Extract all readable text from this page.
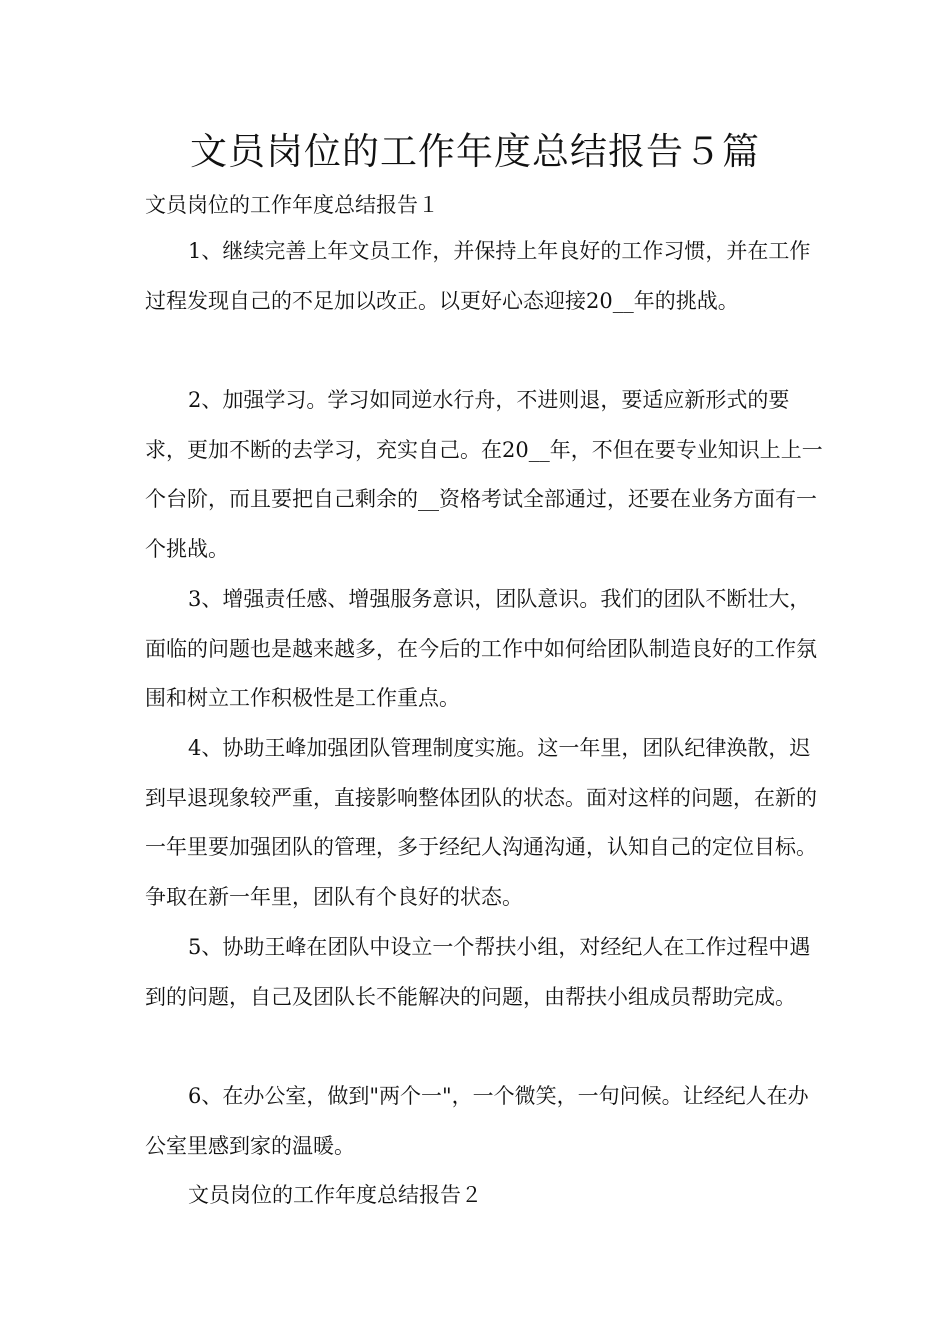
文员岗位的工作年度总结报告５篇

文员岗位的工作年度总结报告１

1、继续完善上年文员工作，并保持上年良好的工作习惯，并在工作过程发现自己的不足加以改正。以更好心态迎接20__年的挑战。

2、加强学习。学习如同逆水行舟，不进则退，要适应新形式的要求，更加不断的去学习，充实自己。在20__年，不但在要专业知识上上一个台阶，而且要把自己剩余的__资格考试全部通过，还要在业务方面有一个挑战。

3、增强责任感、增强服务意识，团队意识。我们的团队不断壮大，面临的问题也是越来越多，在今后的工作中如何给团队制造良好的工作氛围和树立工作积极性是工作重点。

4、协助王峰加强团队管理制度实施。这一年里，团队纪律涣散，迟到早退现象较严重，直接影响整体团队的状态。面对这样的问题，在新的一年里要加强团队的管理，多于经纪人沟通沟通，认知自己的定位目标。争取在新一年里，团队有个良好的状态。

5、协助王峰在团队中设立一个帮扶小组，对经纪人在工作过程中遇到的问题，自己及团队长不能解决的问题，由帮扶小组成员帮助完成。

6、在办公室，做到"两个一"，一个微笑，一句问候。让经纪人在办公室里感到家的温暖。

文员岗位的工作年度总结报告２
